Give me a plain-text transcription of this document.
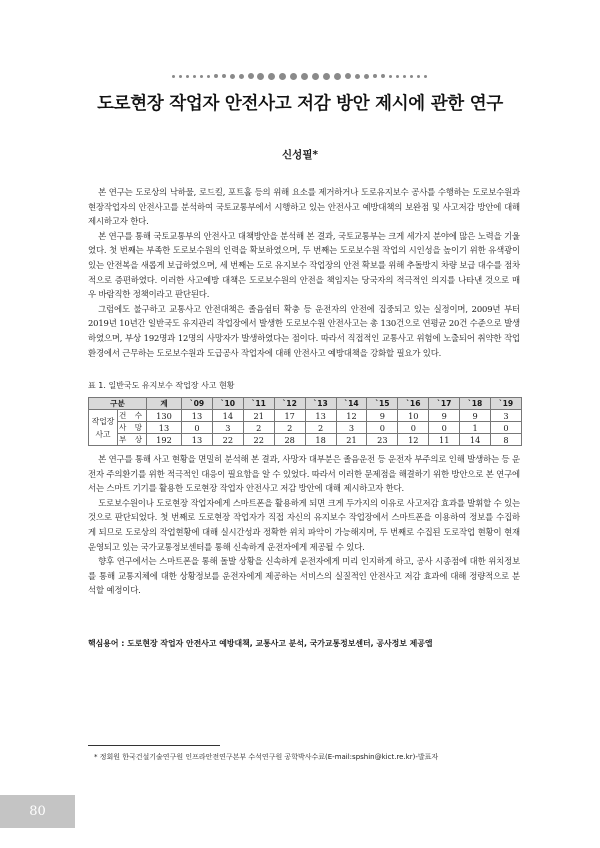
도로현장 작업자 안전사고 저감 방안 제시에 관한 연구
신성필*

본 연구는 도로상의 낙하물, 로드킬, 포트홀 등의 위해 요소를 제거하거나 도로유지보수 공사를 수행하는 도로보수원과 현장작업자의 안전사고를 분석하여 국토교통부에서 시행하고 있는 안전사고 예방대책의 보완점 및 사고저감 방안에 대해 제시하고자 한다.

본 연구를 통해 국토교통부의 안전사고 대책방안을 분석해 본 결과, 국토교통부는 크게 세가지 분야에 많은 노력을 기울였다. 첫 번째는 부족한 도로보수원의 인력을 확보하였으며, 두 번째는 도로보수원 작업의 시인성을 높이기 위한 유색광이 있는 안전복을 새롭게 보급하였으며, 세 번째는 도로 유지보수 작업장의 안전 확보를 위해 추돌방지 차량 보급 대수를 점차적으로 증편하였다. 이러한 사고예방 대책은 도로보수원의 안전을 책임지는 당국자의 적극적인 의지를 나타낸 것으로 매우 바람직한 정책이라고 판단된다.

그럼에도 불구하고 교통사고 안전대책은 졸음쉼터 확충 등 운전자의 안전에 집중되고 있는 실정이며, 2009년 부터 2019년 10년간 일반국도 유지관리 작업장에서 발생한 도로보수원 안전사고는 총 130건으로 연평균 20건 수준으로 발생하였으며, 부상 192명과 12명의 사망자가 발생하였다는 점이다. 따라서 직접적인 교통사고 위험에 노출되어 취약한 작업환경에서 근무하는 도로보수원과 도급공사 작업자에 대해 안전사고 예방대책을 강화할 필요가 있다.

표 1. 일반국도 유지보수 작업장 사고 현황
구분		계	`09	`10	`11	`12	`13	`14	`15	`16	`17	`18	`19
작업장 사고	건 수	130	13	14	21	17	13	12	9	10	9	9	3
	사 망	13	0	3	2	2	2	3	0	0	0	1	0
	부 상	192	13	22	22	28	18	21	23	12	11	14	8

본 연구를 통해 사고 현황을 면밀히 분석해 본 결과, 사망자 대부분은 졸음운전 등 운전자 부주의로 인해 발생하는 등 운전자 주의환기를 위한 적극적인 대응이 필요함을 알 수 있었다. 따라서 이러한 문제점을 해결하기 위한 방안으로 본 연구에서는 스마트 기기를 활용한 도로현장 작업자 안전사고 저감 방안에 대해 제시하고자 한다.

도로보수원이나 도로현장 작업자에게 스마트폰을 활용하게 되면 크게 두가지의 이유로 사고저감 효과를 발휘할 수 있는 것으로 판단되었다. 첫 번째로 도로현장 작업자가 직접 자신의 유지보수 작업장에서 스마트폰을 이용하여 정보를 수집하게 되므로 도로상의 작업현황에 대해 실시간성과 정확한 위치 파악이 가능해지며, 두 번째로 수집된 도로작업 현황이 현재 운영되고 있는 국가교통정보센터를 통해 신속하게 운전자에게 제공될 수 있다.

향후 연구에서는 스마트폰을 통해 돌발 상황을 신속하게 운전자에게 미리 인지하게 하고, 공사 시종점에 대한 위치정보를 통해 교통지체에 대한 상황정보를 운전자에게 제공하는 서비스의 실질적인 안전사고 저감 효과에 대해 정량적으로 분석할 예정이다.

핵심용어 : 도로현장 작업자 안전사고 예방대책, 교통사고 분석, 국가교통정보센터, 공사정보 제공앱
* 정회원 한국건설기술연구원 인프라안전연구본부 수석연구원 공학박사수료(E-mail:spshin@kict.re.kr)-발표자
80
